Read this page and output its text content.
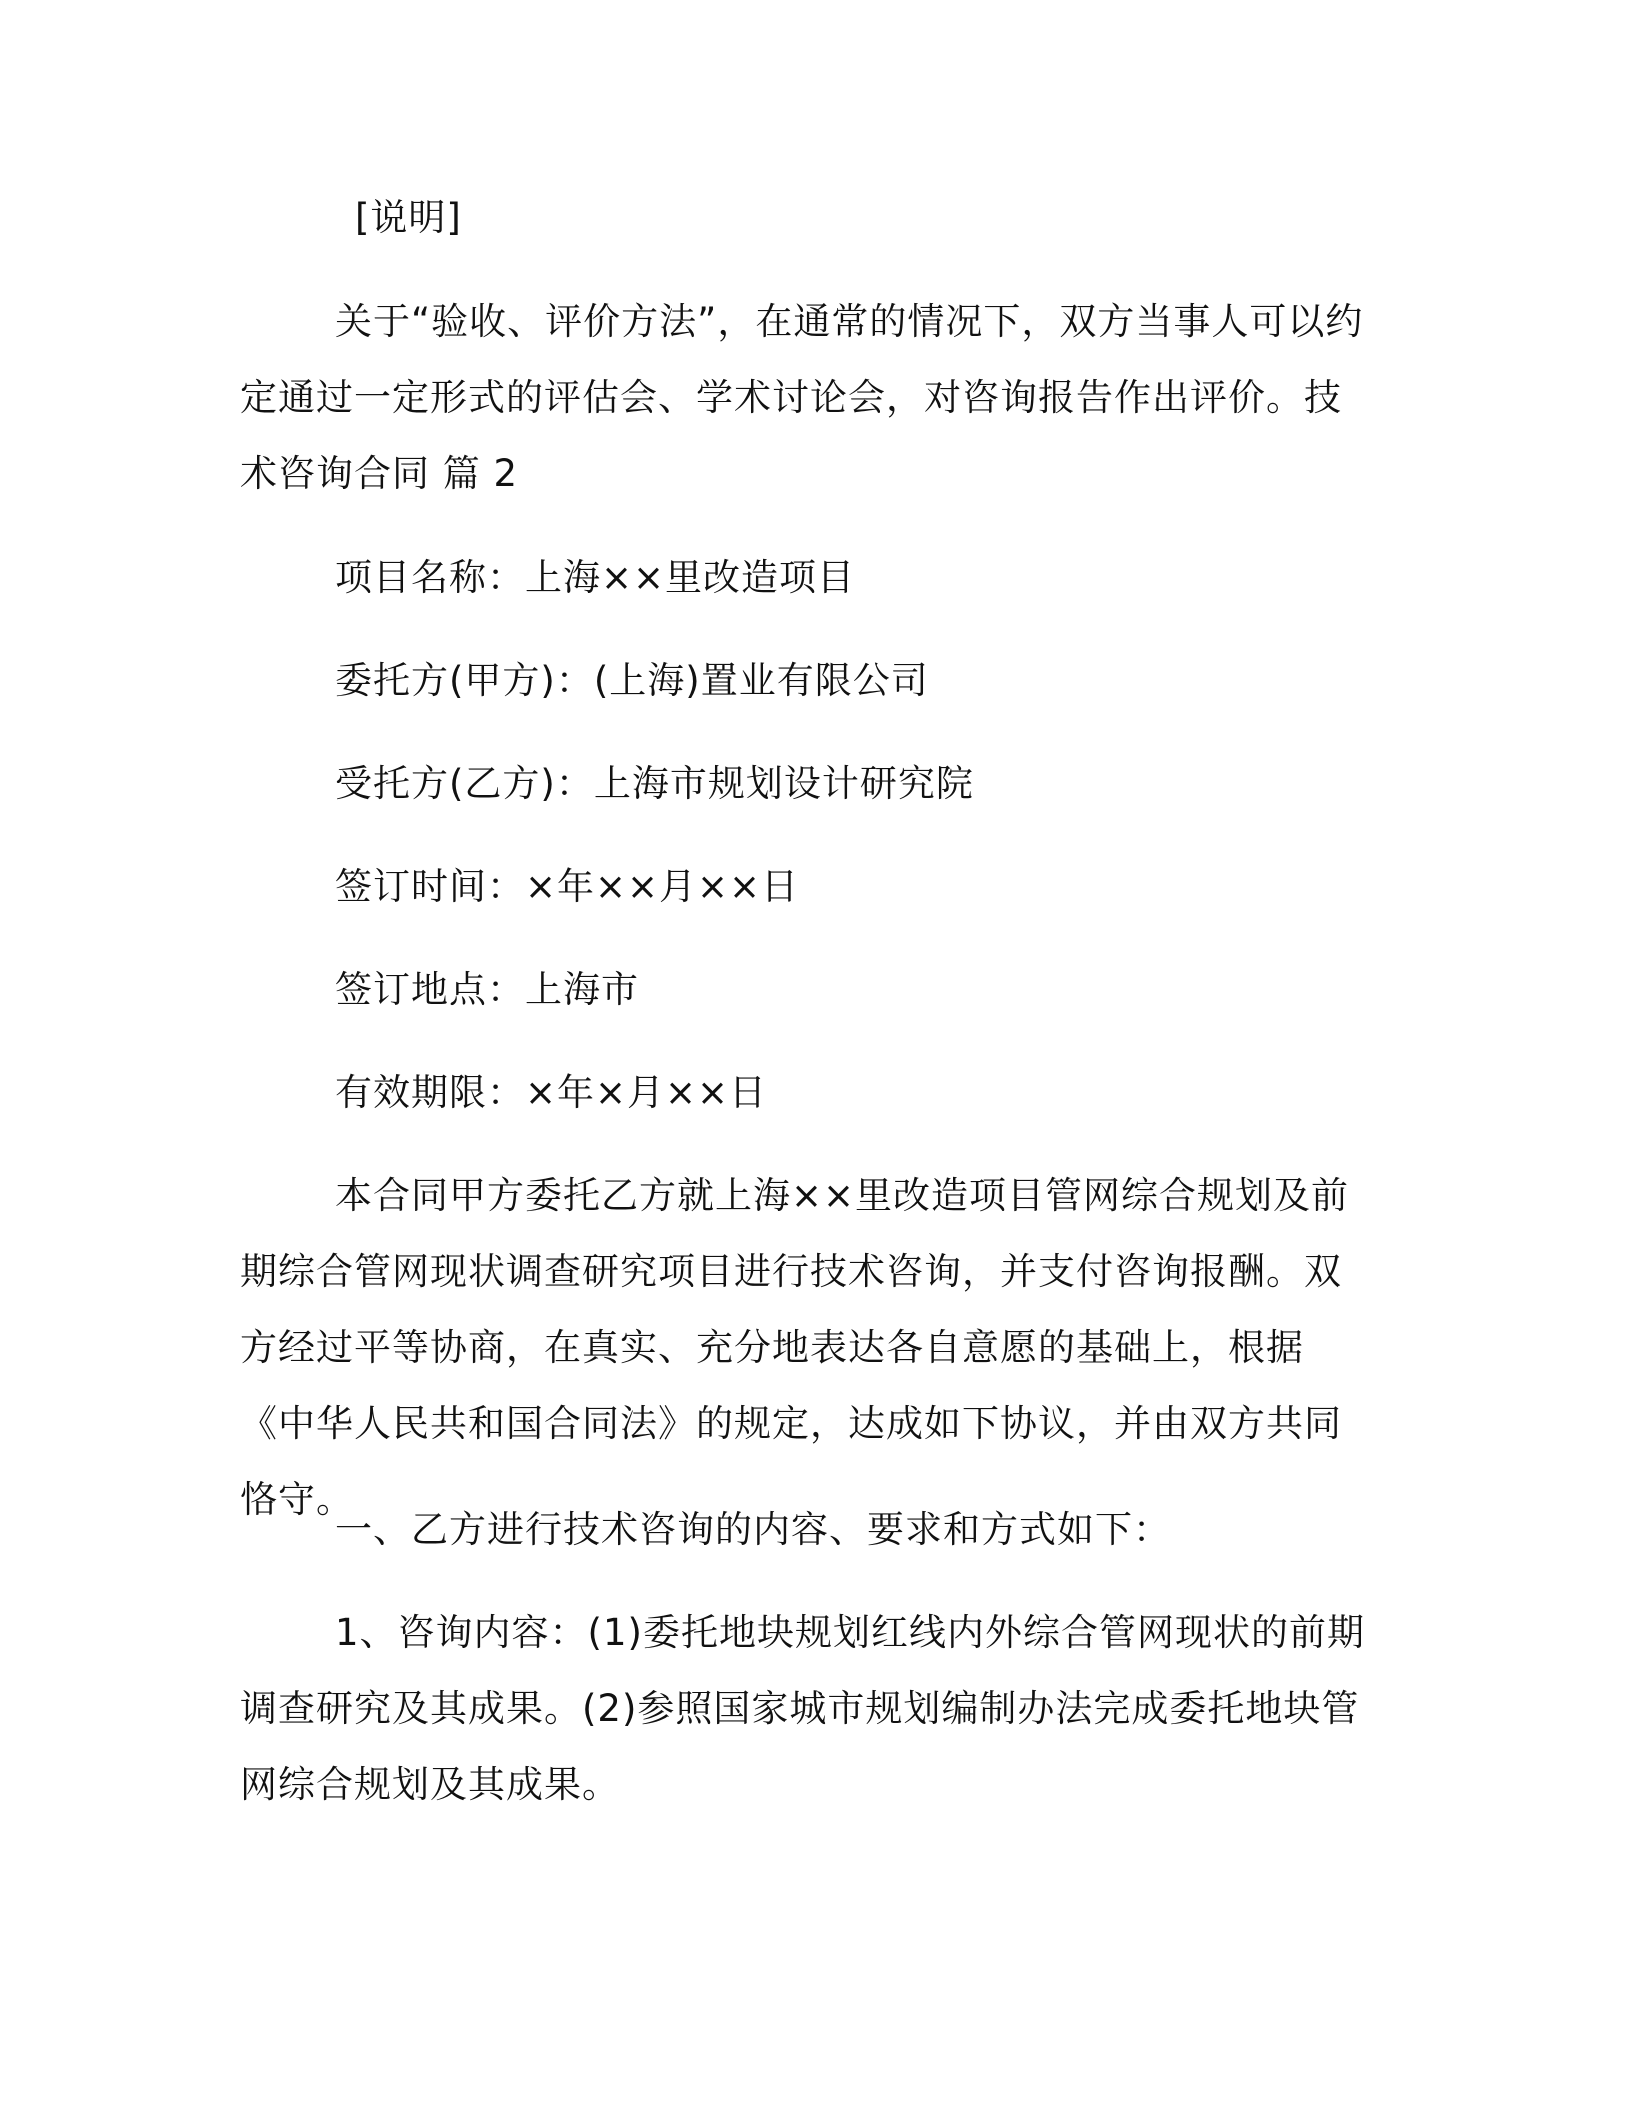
[说明]

关于“验收、评价方法”，在通常的情况下，双方当事人可以约定通过一定形式的评估会、学术讨论会，对咨询报告作出评价。技术咨询合同 篇 2

项目名称：上海××里改造项目

委托方(甲方)：(上海)置业有限公司

受托方(乙方)：上海市规划设计研究院

签订时间：×年××月××日

签订地点：上海市

有效期限：×年×月××日

本合同甲方委托乙方就上海××里改造项目管网综合规划及前期综合管网现状调查研究项目进行技术咨询，并支付咨询报酬。双方经过平等协商，在真实、充分地表达各自意愿的基础上，根据《中华人民共和国合同法》的规定，达成如下协议，并由双方共同恪守。

一、乙方进行技术咨询的内容、要求和方式如下：

1、咨询内容：(1)委托地块规划红线内外综合管网现状的前期调查研究及其成果。(2)参照国家城市规划编制办法完成委托地块管网综合规划及其成果。
